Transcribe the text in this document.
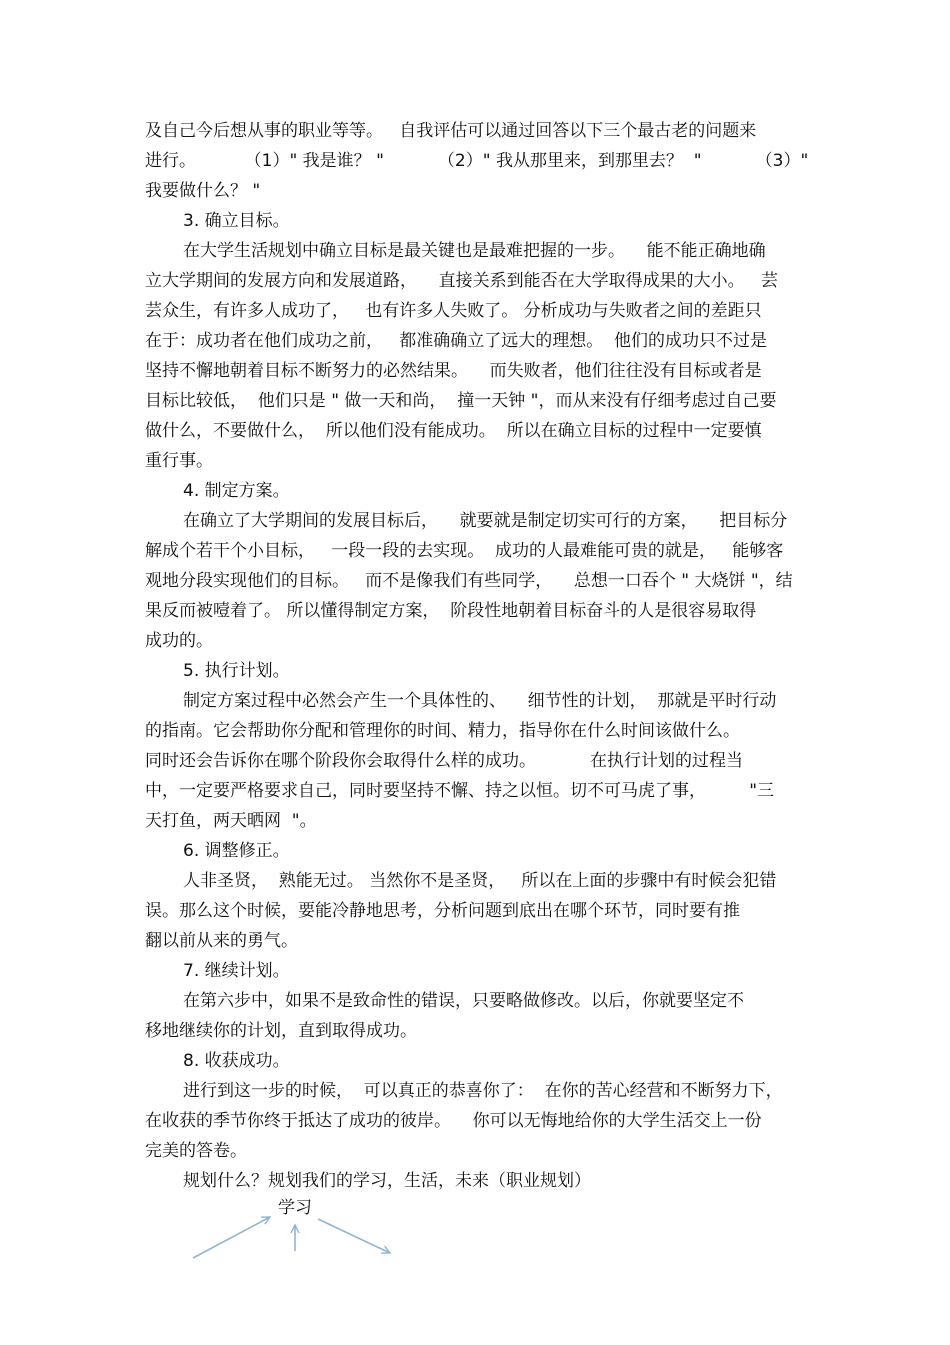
及自己今后想从事的职业等等。   自我评估可以通过回答以下三个最古老的问题来
进行。         （1）" 我是谁？ "          （2）" 我从那里来，到那里去？  "          （3）"
我要做什么？ "
3. 确立目标。
在大学生活规划中确立目标是最关键也是最难把握的一步。    能不能正确地确
立大学期间的发展方向和发展道路，    直接关系到能否在大学取得成果的大小。   芸
芸众生，有许多人成功了，   也有许多人失败了。 分析成功与失败者之间的差距只
在于：成功者在他们成功之前，   都准确确立了远大的理想。  他们的成功只不过是
坚持不懈地朝着目标不断努力的必然结果。    而失败者，他们往往没有目标或者是
目标比较低，  他们只是 " 做一天和尚，  撞一天钟 "，而从来没有仔细考虑过自己要
做什么，不要做什么，  所以他们没有能成功。  所以在确立目标的过程中一定要慎
重行事。
4. 制定方案。
在确立了大学期间的发展目标后，    就要就是制定切实可行的方案，    把目标分
解成个若干个小目标，   一段一段的去实现。  成功的人最难能可贵的就是，   能够客
观地分段实现他们的目标。   而不是像我们有些同学，    总想一口吞个 " 大烧饼 "，结
果反而被噎着了。 所以懂得制定方案，  阶段性地朝着目标奋斗的人是很容易取得
成功的。
5. 执行计划。
制定方案过程中必然会产生一个具体性的、    细节性的计划，  那就是平时行动
的指南。它会帮助你分配和管理你的时间、精力，指导你在什么时间该做什么。
同时还会告诉你在哪个阶段你会取得什么样的成功。          在执行计划的过程当
中，一定要严格要求自己，同时要坚持不懈、持之以恒。切不可马虎了事，        "三
天打鱼，两天晒网  "。
6. 调整修正。
人非圣贤，  熟能无过。 当然你不是圣贤，   所以在上面的步骤中有时候会犯错
误。那么这个时候，要能冷静地思考，分析问题到底出在哪个环节，同时要有推
翻以前从来的勇气。
7. 继续计划。
在第六步中，如果不是致命性的错误，只要略做修改。以后，你就要坚定不
移地继续你的计划，直到取得成功。
8. 收获成功。
进行到这一步的时候，  可以真正的恭喜你了：  在你的苦心经营和不断努力下，
在收获的季节你终于抵达了成功的彼岸。    你可以无悔地给你的大学生活交上一份
完美的答卷。
规划什么？规划我们的学习，生活，未来（职业规划）
学习
